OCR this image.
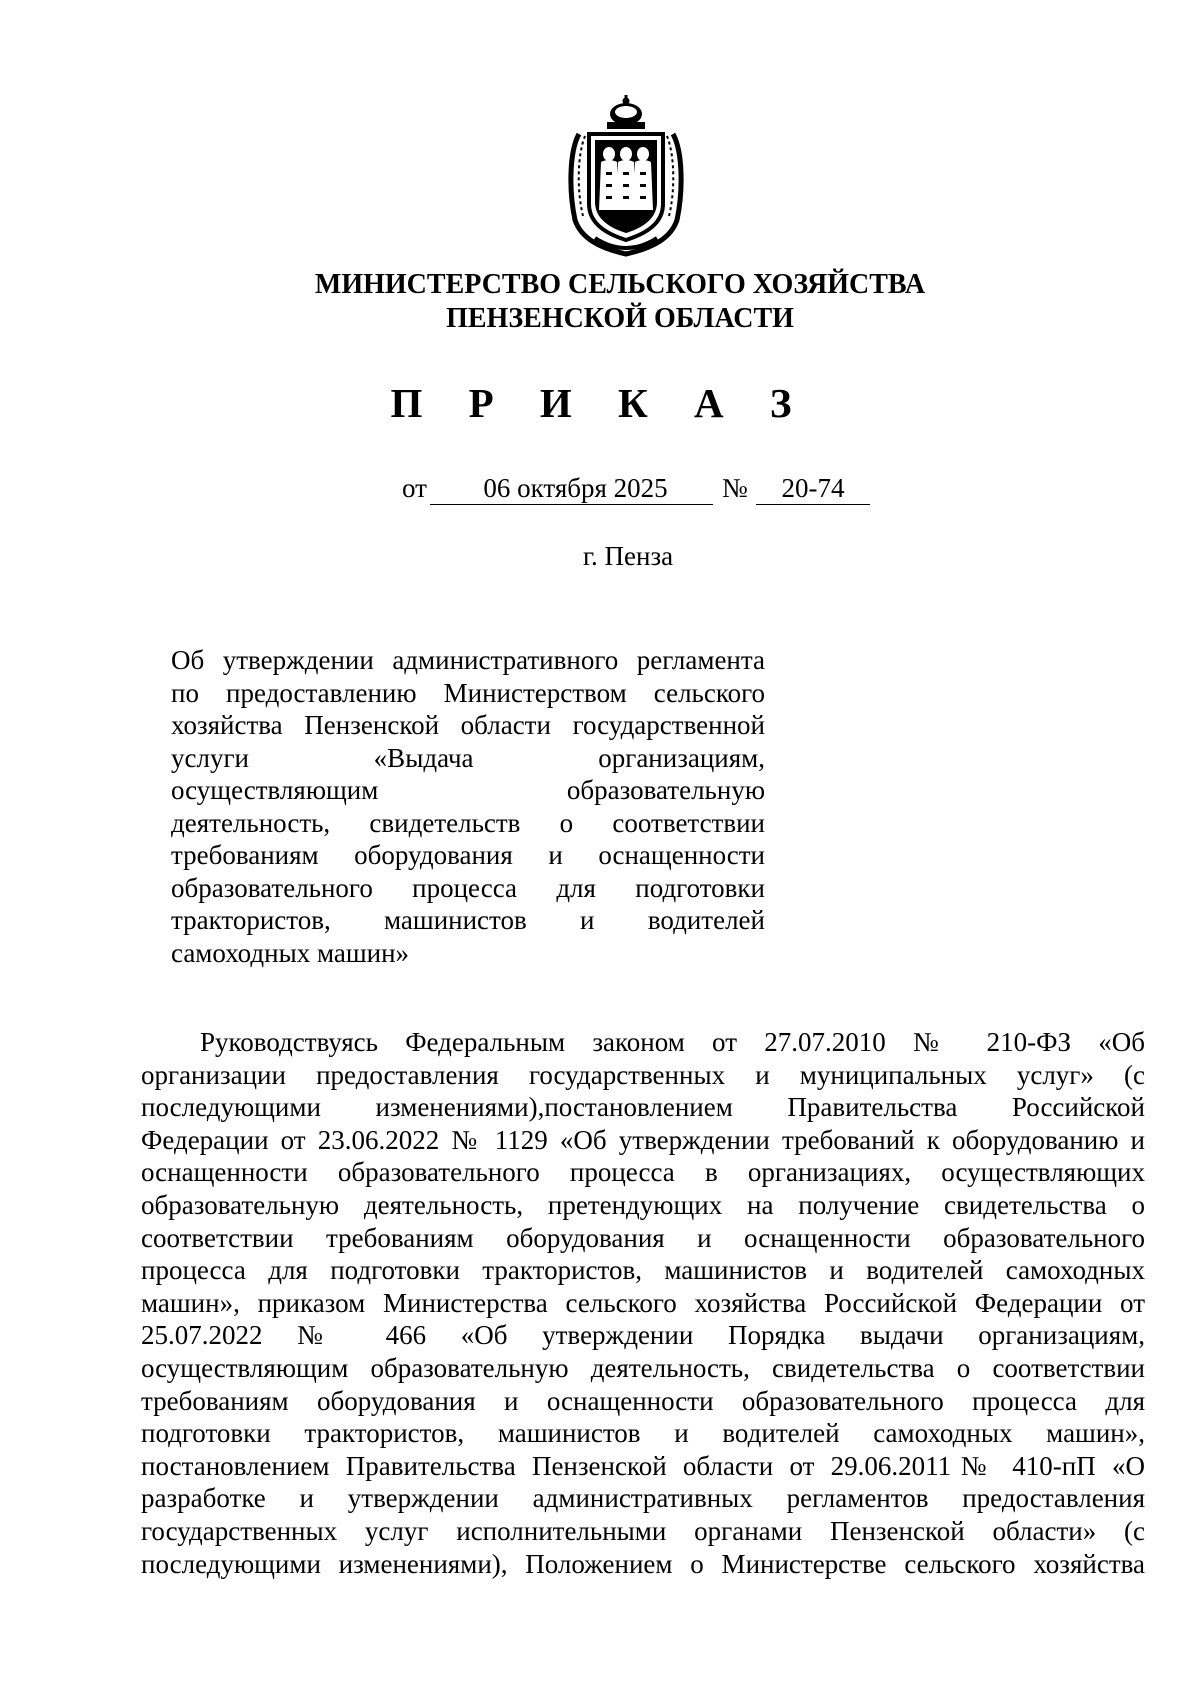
МИНИСТЕРСТВО СЕЛЬСКОГО ХОЗЯЙСТВА
ПЕНЗЕНСКОЙ ОБЛАСТИ
П Р И К А З
от	06 октября 2025	№	20-74
г. Пенза
Об утверждении административного регламента
по предоставлению Министерством сельского
хозяйства Пензенской области государственной
услуги «Выдача организациям,
осуществляющим образовательную
деятельность, свидетельств о соответствии
требованиям оборудования и оснащенности
образовательного процесса для подготовки
трактористов, машинистов и водителей
самоходных машин»
Руководствуясь Федеральным законом от 27.07.2010 № 210-ФЗ «Об
организации предоставления государственных и муниципальных услуг» (с
последующими изменениями),постановлением Правительства Российской
Федерации от 23.06.2022 № 1129 «Об утверждении требований к оборудованию и
оснащенности образовательного процесса в организациях, осуществляющих
образовательную деятельность, претендующих на получение свидетельства о
соответствии требованиям оборудования и оснащенности образовательного
процесса для подготовки трактористов, машинистов и водителей самоходных
машин», приказом Министерства сельского хозяйства Российской Федерации от
25.07.2022 № 466 «Об утверждении Порядка выдачи организациям,
осуществляющим образовательную деятельность, свидетельства о соответствии
требованиям оборудования и оснащенности образовательного процесса для
подготовки трактористов, машинистов и водителей самоходных машин»,
постановлением Правительства Пензенской области от 29.06.2011№ 410-пП «О
разработке и утверждении административных регламентов предоставления
государственных услуг исполнительными органами Пензенской области» (с
последующими изменениями), Положением о Министерстве сельского хозяйства
